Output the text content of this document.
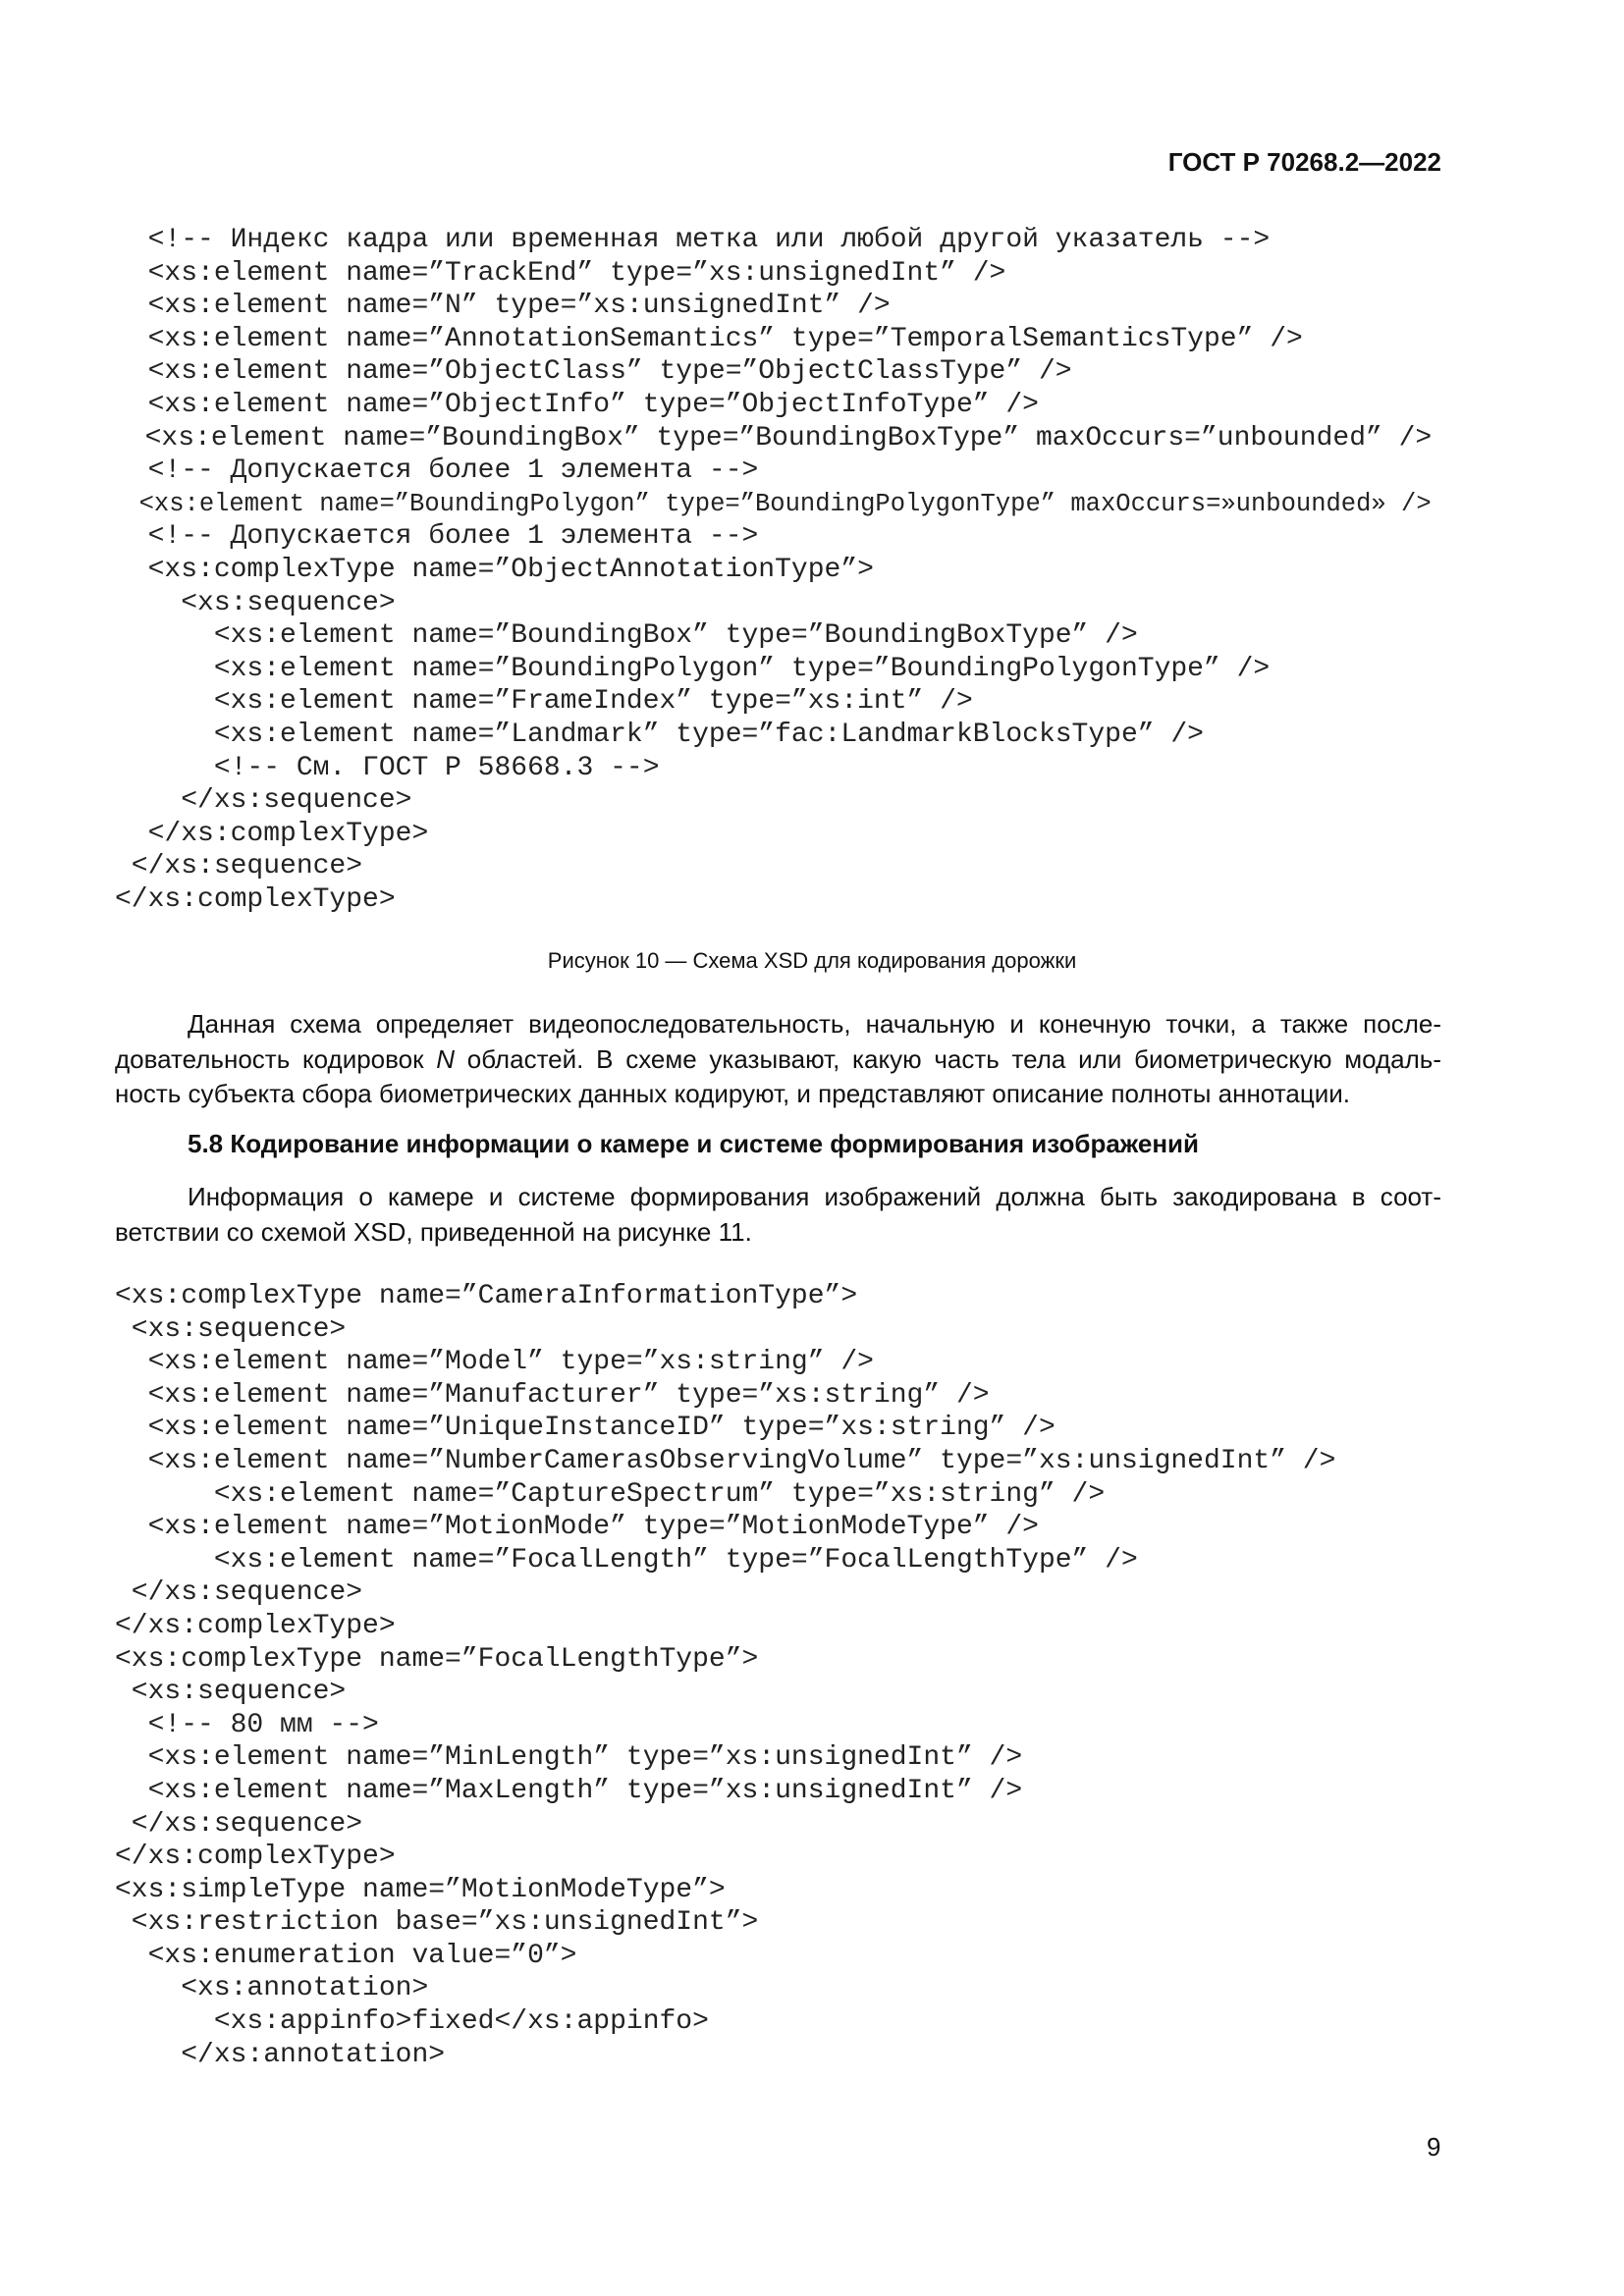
ГОСТ Р 70268.2—2022
<!-- Индекс кадра или временная метка или любой другой указатель -->
<xs:element name=”TrackEnd” type=”xs:unsignedInt” />
<xs:element name=”N” type=”xs:unsignedInt” />
<xs:element name=”AnnotationSemantics” type=”TemporalSemanticsType” />
<xs:element name=”ObjectClass” type=”ObjectClassType” />
<xs:element name=”ObjectInfo” type=”ObjectInfoType” />
<xs:element name=”BoundingBox” type=”BoundingBoxType” maxOccurs=”unbounded” />
<!-- Допускается более 1 элемента -->
<xs:element name=”BoundingPolygon” type=”BoundingPolygonType” maxOccurs=»unbounded» />
<!-- Допускается более 1 элемента -->
<xs:complexType name=”ObjectAnnotationType”>
<xs:sequence>
<xs:element name=”BoundingBox” type=”BoundingBoxType” />
<xs:element name=”BoundingPolygon” type=”BoundingPolygonType” />
<xs:element name=”FrameIndex” type=”xs:int” />
<xs:element name=”Landmark” type=”fac:LandmarkBlocksType” />
<!-- См. ГОСТ Р 58668.3 -->
</xs:sequence>
</xs:complexType>
</xs:sequence>
</xs:complexType>
Рисунок 10 — Схема XSD для кодирования дорожки
Данная схема определяет видеопоследовательность, начальную и конечную точки, а также после-
довательность кодировок N областей. В схеме указывают, какую часть тела или биометрическую модаль-
ность субъекта сбора биометрических данных кодируют, и представляют описание полноты аннотации.
5.8 Кодирование информации о камере и системе формирования изображений
Информация о камере и системе формирования изображений должна быть закодирована в соот-
ветствии со схемой XSD, приведенной на рисунке 11.
<xs:complexType name=”CameraInformationType”>
<xs:sequence>
<xs:element name=”Model” type=”xs:string” />
<xs:element name=”Manufacturer” type=”xs:string” />
<xs:element name=”UniqueInstanceID” type=”xs:string” />
<xs:element name=”NumberCamerasObservingVolume” type=”xs:unsignedInt” />
<xs:element name=”CaptureSpectrum” type=”xs:string” />
<xs:element name=”MotionMode” type=”MotionModeType” />
<xs:element name=”FocalLength” type=”FocalLengthType” />
</xs:sequence>
</xs:complexType>
<xs:complexType name=”FocalLengthType”>
<xs:sequence>
<!-- 80 мм -->
<xs:element name=”MinLength” type=”xs:unsignedInt” />
<xs:element name=”MaxLength” type=”xs:unsignedInt” />
</xs:sequence>
</xs:complexType>
<xs:simpleType name=”MotionModeType”>
<xs:restriction base=”xs:unsignedInt”>
<xs:enumeration value=”0”>
<xs:annotation>
<xs:appinfo>fixed</xs:appinfo>
</xs:annotation>
9
